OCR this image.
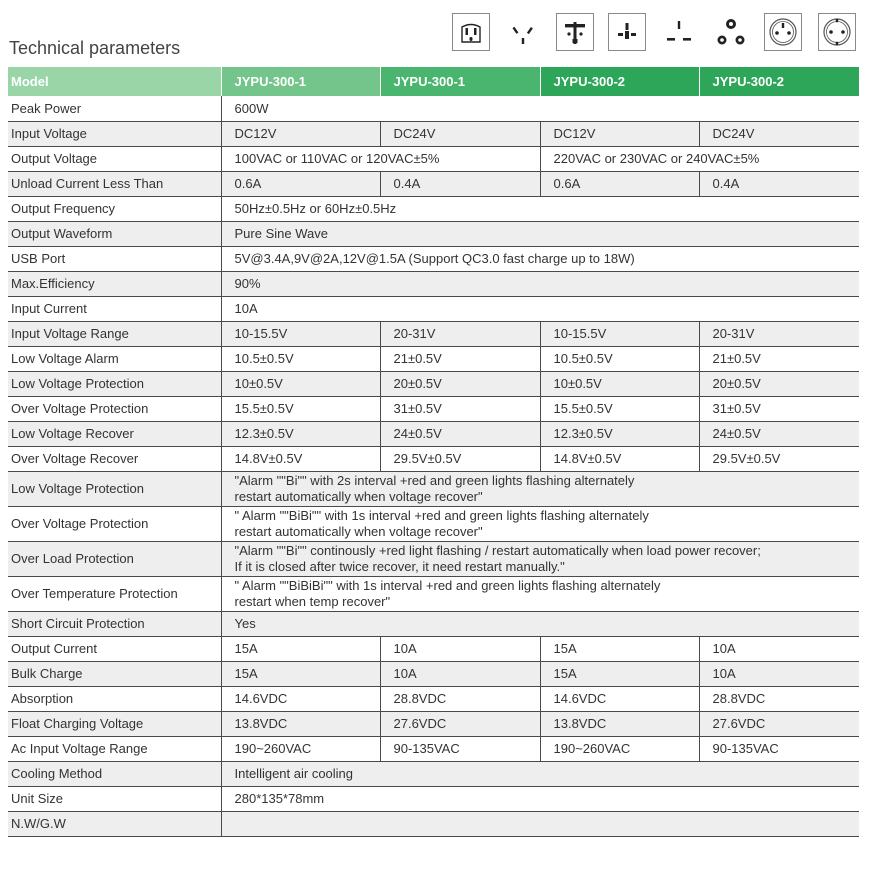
Technical parameters
Model	JYPU-300-1	JYPU-300-1	JYPU-300-2	JYPU-300-2
Peak Power	600W			
Input Voltage	DC12V	DC24V	DC12V	DC24V
Output Voltage	100VAC or 110VAC or 120VAC±5%		220VAC or 230VAC or 240VAC±5%	
Unload Current Less Than	0.6A	0.4A	0.6A	0.4A
Output Frequency	50Hz±0.5Hz or 60Hz±0.5Hz			
Output Waveform	Pure Sine Wave			
USB Port	5V@3.4A,9V@2A,12V@1.5A (Support QC3.0 fast charge up to 18W)			
Max.Efficiency	90%			
Input Current	10A			
Input Voltage Range	10-15.5V	20-31V	10-15.5V	20-31V
Low Voltage Alarm	10.5±0.5V	21±0.5V	10.5±0.5V	21±0.5V
Low Voltage Protection	10±0.5V	20±0.5V	10±0.5V	20±0.5V
Over Voltage Protection	15.5±0.5V	31±0.5V	15.5±0.5V	31±0.5V
Low Voltage Recover	12.3±0.5V	24±0.5V	12.3±0.5V	24±0.5V
Over Voltage Recover	14.8V±0.5V	29.5V±0.5V	14.8V±0.5V	29.5V±0.5V
Low Voltage Protection	"Alarm ""Bi"" with 2s interval +red and green lights flashing alternately
restart automatically when voltage recover"			

Over Voltage Protection	" Alarm ""BiBi"" with 1s interval +red and green lights flashing alternately
restart automatically when voltage recover"			

Over Load Protection	"Alarm ""Bi"" continously +red light flashing / restart automatically when load power recover;
If it is closed after twice recover, it need restart manually."			

Over Temperature Protection	" Alarm ""BiBiBi"" with 1s interval +red and green lights flashing alternately
restart when temp recover"			

Short Circuit Protection	Yes			
Output Current	15A	10A	15A	10A
Bulk Charge	15A	10A	15A	10A
Absorption	14.6VDC	28.8VDC	14.6VDC	28.8VDC
Float Charging Voltage	13.8VDC	27.6VDC	13.8VDC	27.6VDC
Ac Input Voltage Range	190~260VAC	90-135VAC	190~260VAC	90-135VAC
Cooling Method	Intelligent air cooling			
Unit Size	280*135*78mm			
N.W/G.W				
